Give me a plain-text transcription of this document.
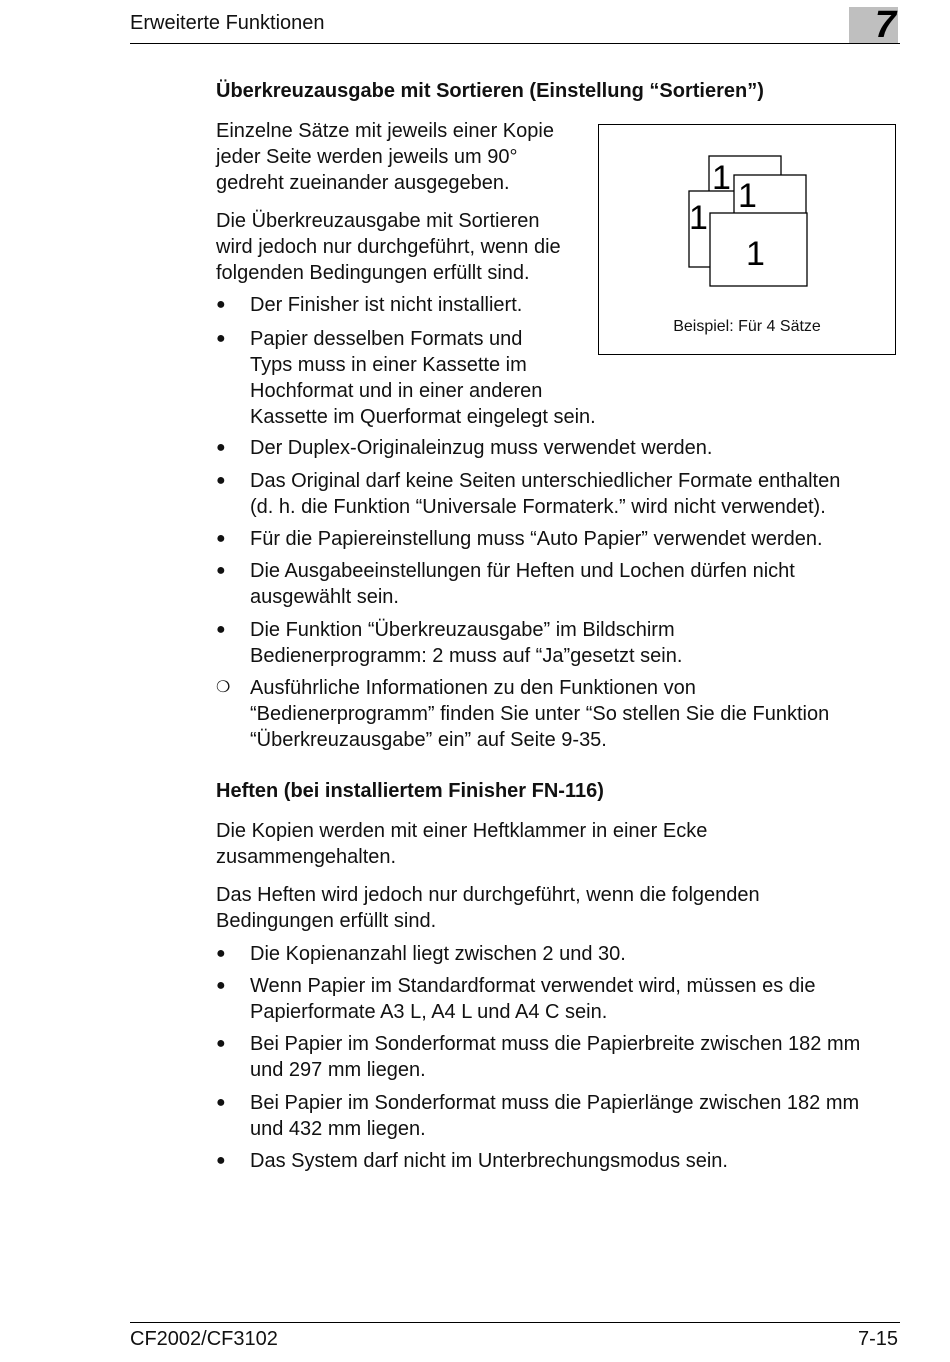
Erweiterte Funktionen	7
Überkreuzausgabe mit Sortieren (Einstellung “Sortieren”)
Einzelne Sätze mit jeweils einer Kopie
jeder Seite werden jeweils um 90°
gedreht zueinander ausgegeben.
Die Überkreuzausgabe mit Sortieren
wird jedoch nur durchgeführt, wenn die
folgenden Bedingungen erfüllt sind.
●	Der Finisher ist nicht installiert.
●	Papier desselben Formats und
Typs muss in einer Kassette im
Hochformat und in einer anderen
Kassette im Querformat eingelegt sein.
●	Der Duplex-Originaleinzug muss verwendet werden.
●	Das Original darf keine Seiten unterschiedlicher Formate enthalten
(d. h. die Funktion “Universale Formaterk.” wird nicht verwendet).
●	Für die Papiereinstellung muss “Auto Papier” verwendet werden.
●	Die Ausgabeeinstellungen für Heften und Lochen dürfen nicht
ausgewählt sein.
●	Die Funktion “Überkreuzausgabe” im Bildschirm
Bedienerprogramm: 2 muss auf “Ja”gesetzt sein.
❍ Ausführliche Informationen zu den Funktionen von
“Bedienerprogramm” finden Sie unter “So stellen Sie die Funktion
“Überkreuzausgabe” ein” auf Seite 9-35.
1
1
1
1
Beispiel: Für 4 Sätze
Heften (bei installiertem Finisher FN-116)
Die Kopien werden mit einer Heftklammer in einer Ecke
zusammengehalten.
Das Heften wird jedoch nur durchgeführt, wenn die folgenden
Bedingungen erfüllt sind.
●	Die Kopienanzahl liegt zwischen 2 und 30.
●	Wenn Papier im Standardformat verwendet wird, müssen es die
Papierformate A3 L, A4 L und A4 C sein.
●	Bei Papier im Sonderformat muss die Papierbreite zwischen 182 mm
und 297 mm liegen.
●	Bei Papier im Sonderformat muss die Papierlänge zwischen 182 mm
und 432 mm liegen.
●	Das System darf nicht im Unterbrechungsmodus sein.
CF2002/CF3102	7-15
